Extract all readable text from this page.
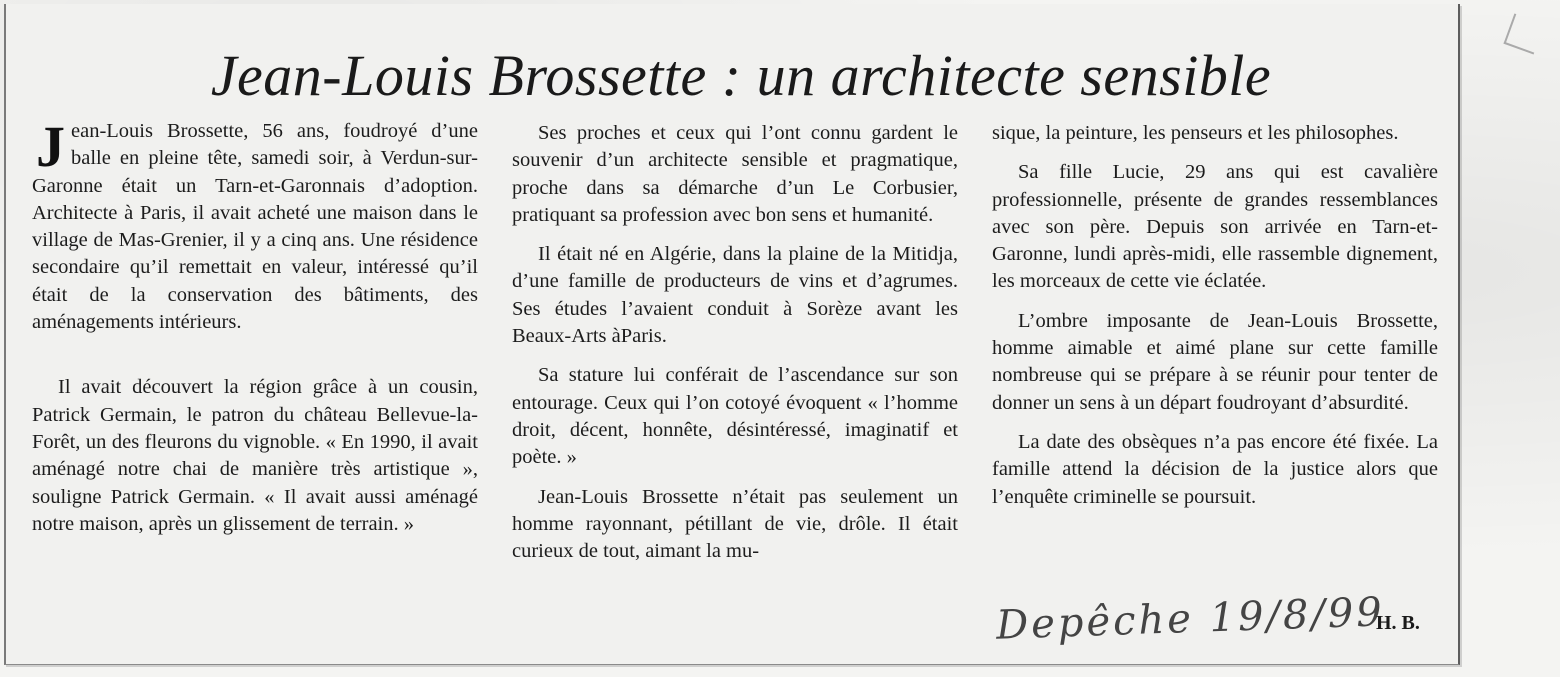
Jean-Louis Brossette : un architecte sensible

J ean-Louis Brossette, 56 ans, foudroyé d’une balle en pleine tête, samedi soir, à Verdun-sur-Garonne était un Tarn-et-Garonnais d’adoption. Architecte à Paris, il avait acheté une maison dans le village de Mas-Grenier, il y a cinq ans. Une résidence secondaire qu’il remettait en valeur, intéressé qu’il était de la conservation des bâtiments, des aménagements intérieurs.

Il avait découvert la région grâce à un cousin, Patrick Germain, le patron du château Bellevue-la-Forêt, un des fleurons du vignoble. « En 1990, il avait aménagé notre chai de manière très artistique », souligne Patrick Germain. « Il avait aussi aménagé notre maison, après un glissement de terrain. »

Ses proches et ceux qui l’ont connu gardent le souvenir d’un architecte sensible et pragmatique, proche dans sa démarche d’un Le Corbusier, pratiquant sa profession avec bon sens et humanité.

Il était né en Algérie, dans la plaine de la Mitidja, d’une famille de producteurs de vins et d’agrumes. Ses études l’avaient conduit à Sorèze avant les Beaux-Arts àParis.

Sa stature lui conférait de l’ascendance sur son entourage. Ceux qui l’on cotoyé évoquent « l’homme droit, décent, honnête, désintéressé, imaginatif et poète. »

Jean-Louis Brossette n’était pas seulement un homme rayonnant, pétillant de vie, drôle. Il était curieux de tout, aimant la mu-

sique, la peinture, les penseurs et les philosophes.

Sa fille Lucie, 29 ans qui est cavalière professionnelle, présente de grandes ressemblances avec son père. Depuis son arrivée en Tarn-et-Garonne, lundi après-midi, elle rassemble dignement, les morceaux de cette vie éclatée.

L’ombre imposante de Jean-Louis Brossette, homme aimable et aimé plane sur cette famille nombreuse qui se prépare à se réunir pour tenter de donner un sens à un départ foudroyant d’absurdité.

La date des obsèques n’a pas encore été fixée. La famille attend la décision de la justice alors que l’enquête criminelle se poursuit.

Depêche 19/8/99
H. B.
